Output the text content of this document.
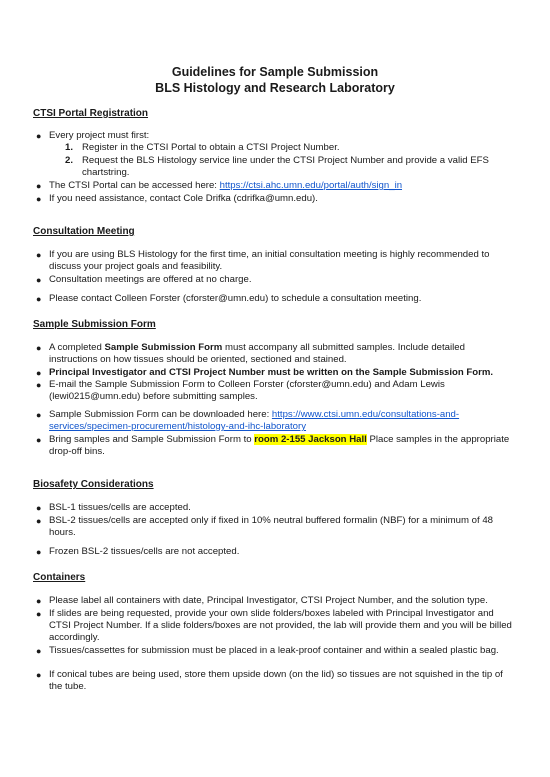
Guidelines for Sample Submission
BLS Histology and Research Laboratory
CTSI Portal Registration
● Every project must first:
1. Register in the CTSI Portal to obtain a CTSI Project Number.
2. Request the BLS Histology service line under the CTSI Project Number and provide a valid EFS chartstring.
● The CTSI Portal can be accessed here: https://ctsi.ahc.umn.edu/portal/auth/sign_in
● If you need assistance, contact Cole Drifka (cdrifka@umn.edu).
Consultation Meeting
● If you are using BLS Histology for the first time, an initial consultation meeting is highly recommended to discuss your project goals and feasibility.
● Consultation meetings are offered at no charge.
● Please contact Colleen Forster (cforster@umn.edu) to schedule a consultation meeting.
Sample Submission Form
● A completed Sample Submission Form must accompany all submitted samples. Include detailed instructions on how tissues should be oriented, sectioned and stained.
● Principal Investigator and CTSI Project Number must be written on the Sample Submission Form.
● E-mail the Sample Submission Form to Colleen Forster (cforster@umn.edu) and Adam Lewis (lewi0215@umn.edu) before submitting samples.
● Sample Submission Form can be downloaded here: https://www.ctsi.umn.edu/consultations-and-services/specimen-procurement/histology-and-ihc-laboratory
● Bring samples and Sample Submission Form to room 2-155 Jackson Hall Place samples in the appropriate drop-off bins.
Biosafety Considerations
● BSL-1 tissues/cells are accepted.
● BSL-2 tissues/cells are accepted only if fixed in 10% neutral buffered formalin (NBF) for a minimum of 48 hours.
● Frozen BSL-2 tissues/cells are not accepted.
Containers
● Please label all containers with date, Principal Investigator, CTSI Project Number, and the solution type.
● If slides are being requested, provide your own slide folders/boxes labeled with Principal Investigator and CTSI Project Number. If a slide folders/boxes are not provided, the lab will provide them and you will be billed accordingly.
● Tissues/cassettes for submission must be placed in a leak-proof container and within a sealed plastic bag.
● If conical tubes are being used, store them upside down (on the lid) so tissues are not squished in the tip of the tube.
